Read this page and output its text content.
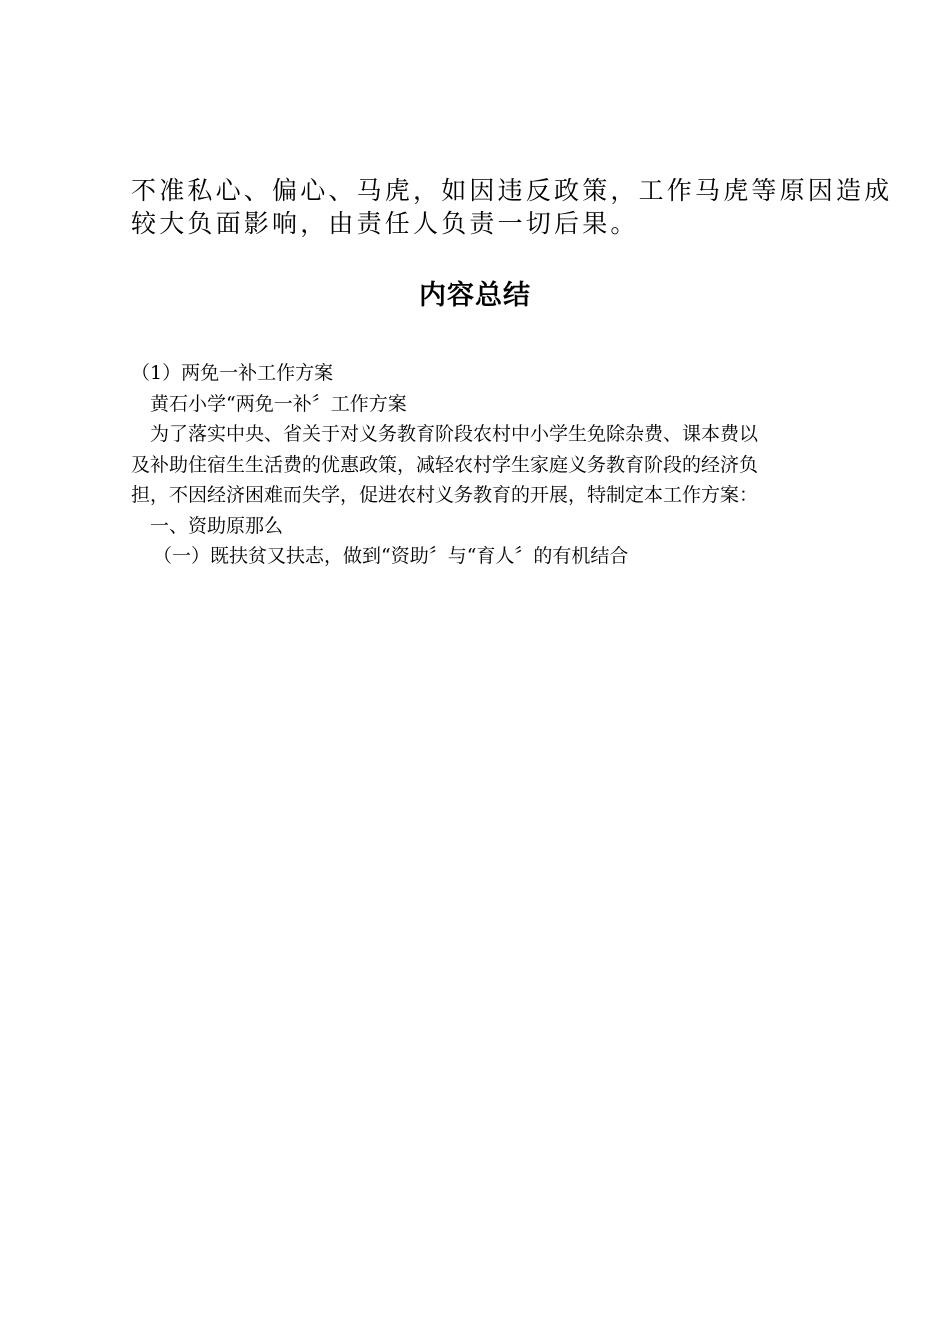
不准私心、偏心、马虎，如因违反政策，工作马虎等原因造成

较大负面影响，由责任人负责一切后果。

内容总结

（1）两免一补工作方案

黄石小学“两免一补〞工作方案

为了落实中央、省关于对义务教育阶段农村中小学生免除杂费、课本费以

及补助住宿生生活费的优惠政策，减轻农村学生家庭义务教育阶段的经济负

担，不因经济困难而失学，促进农村义务教育的开展，特制定本工作方案：

一、资助原那么

（一）既扶贫又扶志，做到“资助〞与“育人〞的有机结合
